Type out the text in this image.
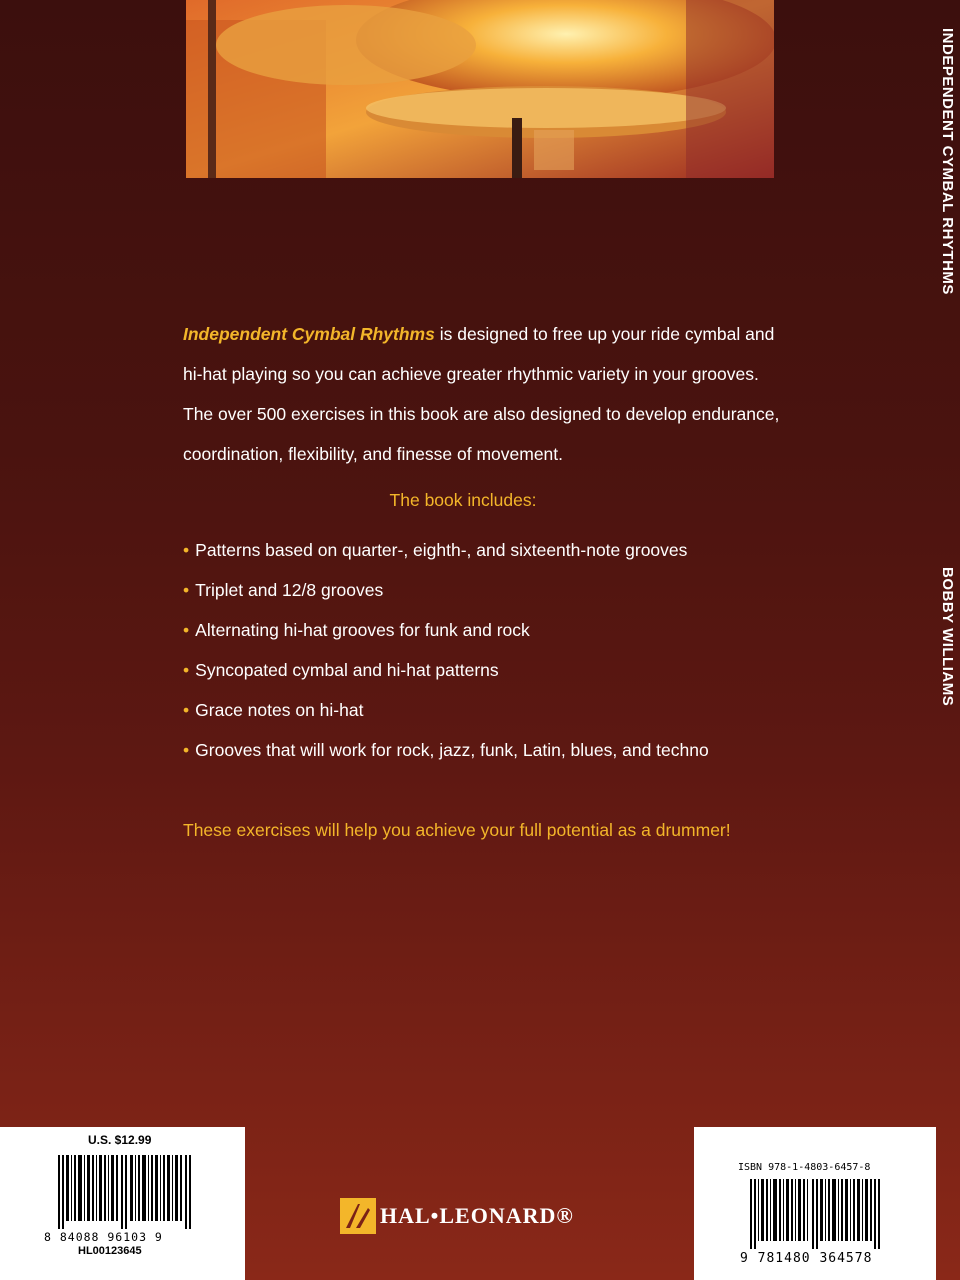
Independent Cymbal Rhythms is designed to free up your ride cymbal and hi-hat playing so you can achieve greater rhythmic variety in your grooves. The over 500 exercises in this book are also designed to develop endurance, coordination, flexibility, and finesse of movement.

The book includes:

• Patterns based on quarter-, eighth-, and sixteenth-note grooves
• Triplet and 12/8 grooves
• Alternating hi-hat grooves for funk and rock
• Syncopated cymbal and hi-hat patterns
• Grace notes on hi-hat
• Grooves that will work for rock, jazz, funk, Latin, blues, and techno

These exercises will help you achieve your full potential as a drummer!

INDEPENDENT CYMBAL RHYTHMS
BOBBY WILLIAMS
U.S. $12.99
8 84088 96103 9
HL00123645
HAL•LEONARD®
ISBN 978-1-4803-6457-8
9 781480 364578
